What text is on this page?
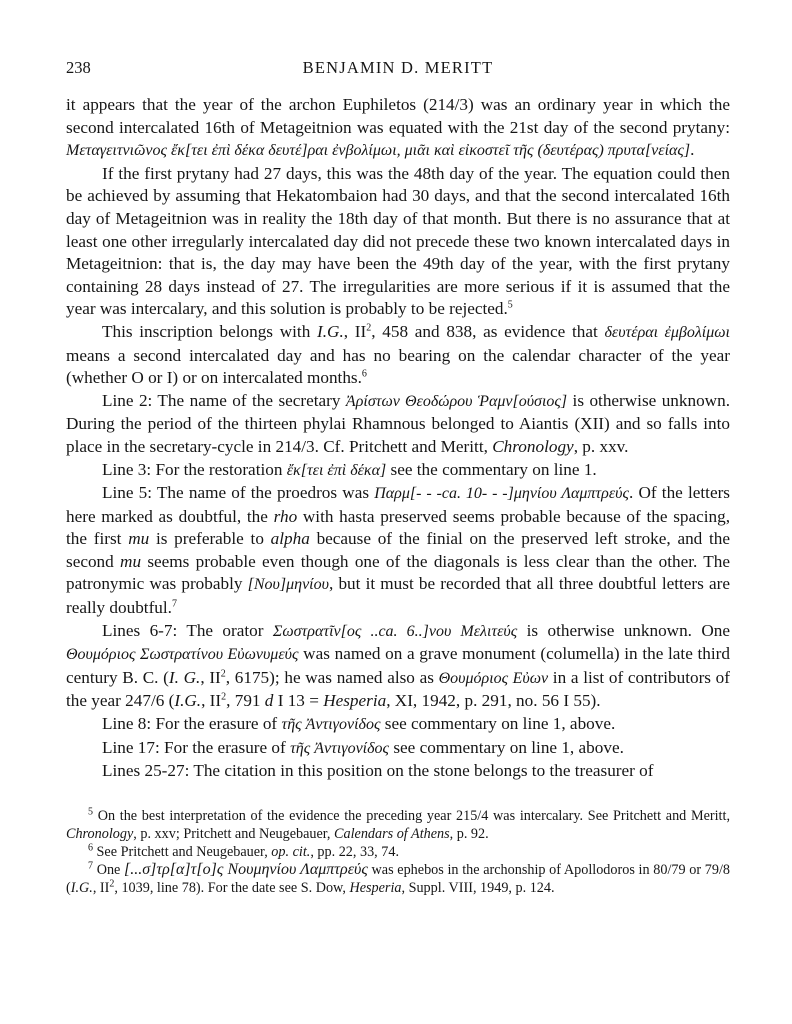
238	BENJAMIN D. MERITT

it appears that the year of the archon Euphiletos (214/3) was an ordinary year in which the second intercalated 16th of Metageitnion was equated with the 21st day of the second prytany: Μεταγειτνιῶνος ἔκ[τει ἐπὶ δέκα δευτέ]ραι ἐνβολίμωι, μιᾶι καὶ εἰκοστεῖ τῆς (δευτέρας) πρυτα[νείας].

If the first prytany had 27 days, this was the 48th day of the year. The equation could then be achieved by assuming that Hekatombaion had 30 days, and that the second intercalated 16th day of Metageitnion was in reality the 18th day of that month. But there is no assurance that at least one other irregularly intercalated day did not precede these two known intercalated days in Metageitnion: that is, the day may have been the 49th day of the year, with the first prytany containing 28 days instead of 27. The irregularities are more serious if it is assumed that the year was intercalary, and this solution is probably to be rejected.$^5$

This inscription belongs with I.G., $II^2$, 458 and 838, as evidence that δευτέραι ἐμβολίμωι means a second intercalated day and has no bearing on the calendar character of the year (whether O or I) or on intercalated months.$^6$

Line 2: The name of the secretary Ἀρίστων Θεοδώρου Ῥαμν[ούσιος] is otherwise unknown. During the period of the thirteen phylai Rhamnous belonged to Aiantis (XII) and so falls into place in the secretary-cycle in 214/3. Cf. Pritchett and Meritt, Chronology, p. xxv.

Line 3: For the restoration ἔκ[τει ἐπὶ δέκα] see the commentary on line 1.

Line 5: The name of the proedros was Παρμ[- - -ca. 10- - -]μηνίου Λαμπτρεύς. Of the letters here marked as doubtful, the rho with hasta preserved seems probable because of the spacing, the first mu is preferable to alpha because of the finial on the preserved left stroke, and the second mu seems probable even though one of the diagonals is less clear than the other. The patronymic was probably [Νου]μηνίου, but it must be recorded that all three doubtful letters are really doubtful.$^7$

Lines 6-7: The orator Σωστρατῖν[ος ..ca. 6..]νου Μελιτεύς is otherwise unknown. One Θουμόριος Σωστρατίνου Εὐωνυμεύς was named on a grave monument (columella) in the late third century B. C. (I. G., $II^2$, 6175); he was named also as Θουμόριος Εὐων in a list of contributors of the year 247/6 (I.G., $II^2$, 791 d I 13 = Hesperia, XI, 1942, p. 291, no. 56 I 55).

Line 8: For the erasure of τῆς Ἀντιγονίδος see commentary on line 1, above.

Line 17: For the erasure of τῆς Ἀντιγονίδος see commentary on line 1, above.

Lines 25-27: The citation in this position on the stone belongs to the treasurer of

$^5$ On the best interpretation of the evidence the preceding year 215/4 was intercalary. See Pritchett and Meritt, Chronology, p. xxv; Pritchett and Neugebauer, Calendars of Athens, p. 92.

$^6$ See Pritchett and Neugebauer, op. cit., pp. 22, 33, 74.

$^7$ One [...σ]τρ[α]τ[ο]ς Νουμηνίου Λαμπτρεύς was ephebos in the archonship of Apollodoros in 80/79 or 79/8 (I.G., $II^2$, 1039, line 78). For the date see S. Dow, Hesperia, Suppl. VIII, 1949, p. 124.
